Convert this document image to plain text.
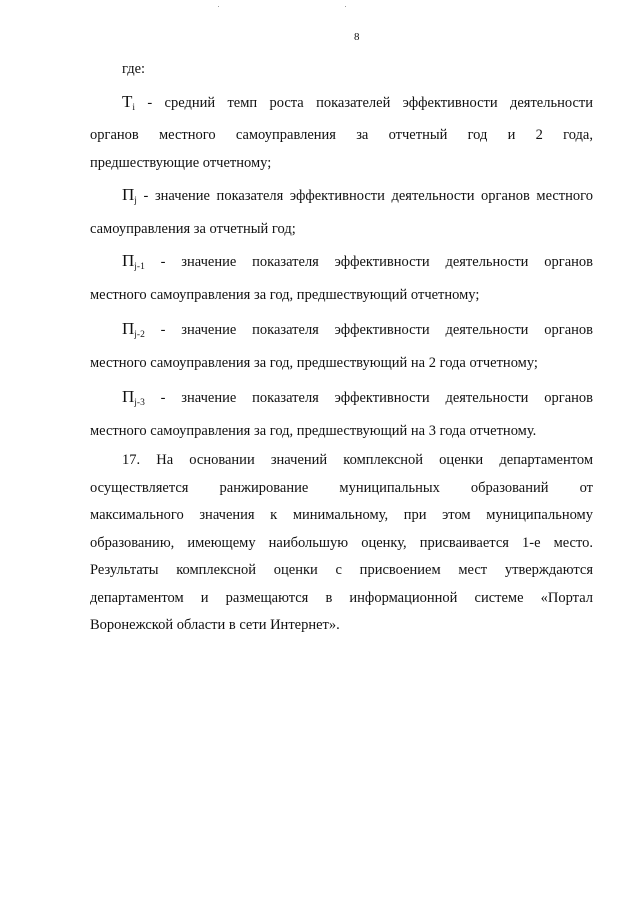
8

где:

$T_i$ - средний темп роста показателей эффективности деятельности

органов местного самоуправления за отчетный год и 2 года,

предшествующие отчетному;

$П_j$ - значение показателя эффективности деятельности органов местного

самоуправления за отчетный год;

$П_{j-1}$ - значение показателя эффективности деятельности органов

местного самоуправления за год, предшествующий отчетному;

$П_{j-2}$ - значение показателя эффективности деятельности органов

местного самоуправления за год, предшествующий на 2 года отчетному;

$П_{j-3}$ - значение показателя эффективности деятельности органов

местного самоуправления за год, предшествующий на 3 года отчетному.

17. На основании значений комплексной оценки департаментом

осуществляется ранжирование муниципальных образований от

максимального значения к минимальному, при этом муниципальному

образованию, имеющему наибольшую оценку, присваивается 1-е место.

Результаты комплексной оценки с присвоением мест утверждаются

департаментом и размещаются в информационной системе «Портал

Воронежской области в сети Интернет».
